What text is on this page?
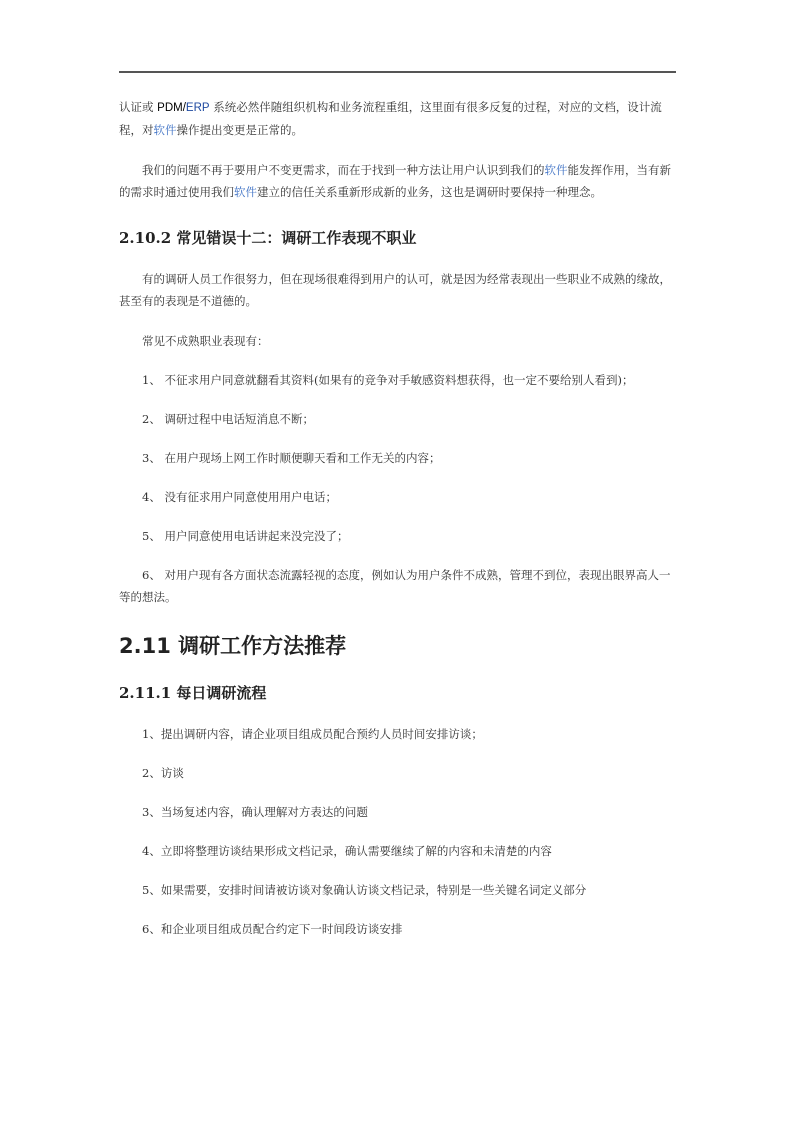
认证或 PDM/ERP 系统必然伴随组织机构和业务流程重组，这里面有很多反复的过程，对应的文档，设计流程，对软件操作提出变更是正常的。

我们的问题不再于要用户不变更需求，而在于找到一种方法让用户认识到我们的软件能发挥作用，当有新的需求时通过使用我们软件建立的信任关系重新形成新的业务，这也是调研时要保持一种理念。

2.10.2 常见错误十二：调研工作表现不职业

有的调研人员工作很努力，但在现场很难得到用户的认可，就是因为经常表现出一些职业不成熟的缘故，甚至有的表现是不道德的。

常见不成熟职业表现有：

1、 不征求用户同意就翻看其资料(如果有的竞争对手敏感资料想获得，也一定不要给别人看到)；

2、 调研过程中电话短消息不断；

3、 在用户现场上网工作时顺便聊天看和工作无关的内容；

4、 没有征求用户同意使用用户电话；

5、 用户同意使用电话讲起来没完没了；

6、 对用户现有各方面状态流露轻视的态度，例如认为用户条件不成熟，管理不到位，表现出眼界高人一等的想法。

2.11 调研工作方法推荐
2.11.1 每日调研流程

1、提出调研内容，请企业项目组成员配合预约人员时间安排访谈；

2、访谈

3、当场复述内容，确认理解对方表达的问题

4、立即将整理访谈结果形成文档记录，确认需要继续了解的内容和未清楚的内容

5、如果需要，安排时间请被访谈对象确认访谈文档记录，特别是一些关键名词定义部分

6、和企业项目组成员配合约定下一时间段访谈安排
